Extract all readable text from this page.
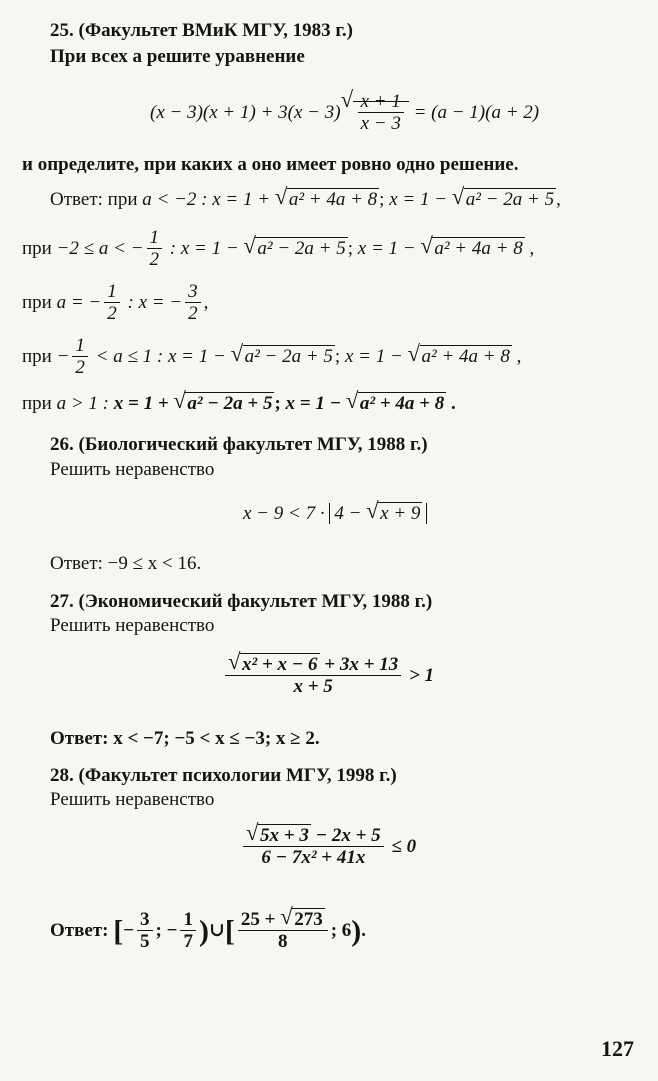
25. (Факультет ВМиК МГУ, 1983 г.)
При всех a решите уравнение
(x − 3)(x + 1) + 3(x − 3)
√ $\frac{x + 1}{x - 3} = (a - 1)(a + 2)$
и определите, при каких a оно имеет ровно одно решение.
Ответ: при a < −2 : x = 1 + √ a² + 4a + 8 ; x = 1 − √ a² − 2a + 5 ,
при −2 ≤ a < − $\frac{1}{2}$ : x = 1 − √ a² − 2a + 5 ; x = 1 − √ a² + 4a + 8 ,
при a = − $\frac{1}{2}$ : x = − $\frac{3}{2}$ ,
при − $\frac{1}{2} < a \le 1$ : x = 1 − √ a² − 2a + 5 ; x = 1 − √ a² + 4a + 8 ,
при a > 1 : x = 1 + √ a² − 2a + 5 ; x = 1 − √ a² + 4a + 8 .
26. (Биологический факультет МГУ, 1988 г.)
Решить неравенство
x − 9 < 7 · 4 − √ x + 9
Ответ: −9 ≤ x < 16.
27. (Экономический факультет МГУ, 1988 г.)
Решить неравенство
√ $\frac{\text{x² + x − 6 + 3x + 13}}{x + 5} > 1$
Ответ: x < −7; −5 < x ≤ −3; x ≥ 2.
28. (Факультет психологии МГУ, 1998 г.)
Решить неравенство
√ $\frac{5x + 3 - 2x + 5}{\text{6 − 7x² + 41x}} \le 0$
Ответ: [− $\frac{3}{5}$ ; − $\frac{1}{7}$ )∪[ $\frac{25 + √ 273}{8}$ ; 6).
127
